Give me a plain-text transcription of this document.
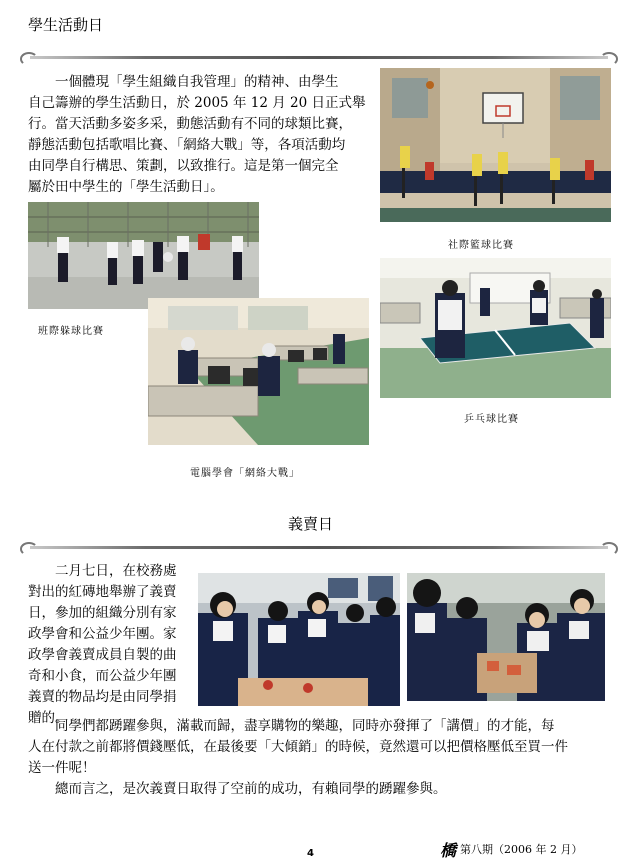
學生活動日
一個體現「學生組織自我管理」的精神、由學生
自己籌辦的學生活動日，於 2005 年 12 月 20 日正式舉
行。當天活動多姿多采，動態活動有不同的球類比賽，
靜態活動包括歌唱比賽、「網絡大戰」等，各項活動均
由同學自行構思、策劃，以致推行。這是第一個完全
屬於田中學生的「學生活動日」。
社際籃球比賽
班際躲球比賽
電腦學會「網絡大戰」
乒乓球比賽
義賣日
二月七日，在校務處
對出的紅磚地舉辦了義賣
日，參加的組織分別有家
政學會和公益少年團。家
政學會義賣成員自製的曲
奇和小食，而公益少年團
義賣的物品均是由同學捐
贈的。
同學們都踴躍參與，滿載而歸，盡享購物的樂趣，同時亦發揮了「講價」的才能，每
人在付款之前都將價錢壓低，在最後要「大傾銷」的時候，竟然還可以把價格壓低至買一件
送一件呢！
總而言之，是次義賣日取得了空前的成功，有賴同學的踴躍參與。
4	橋 第八期（2006 年 2 月）
